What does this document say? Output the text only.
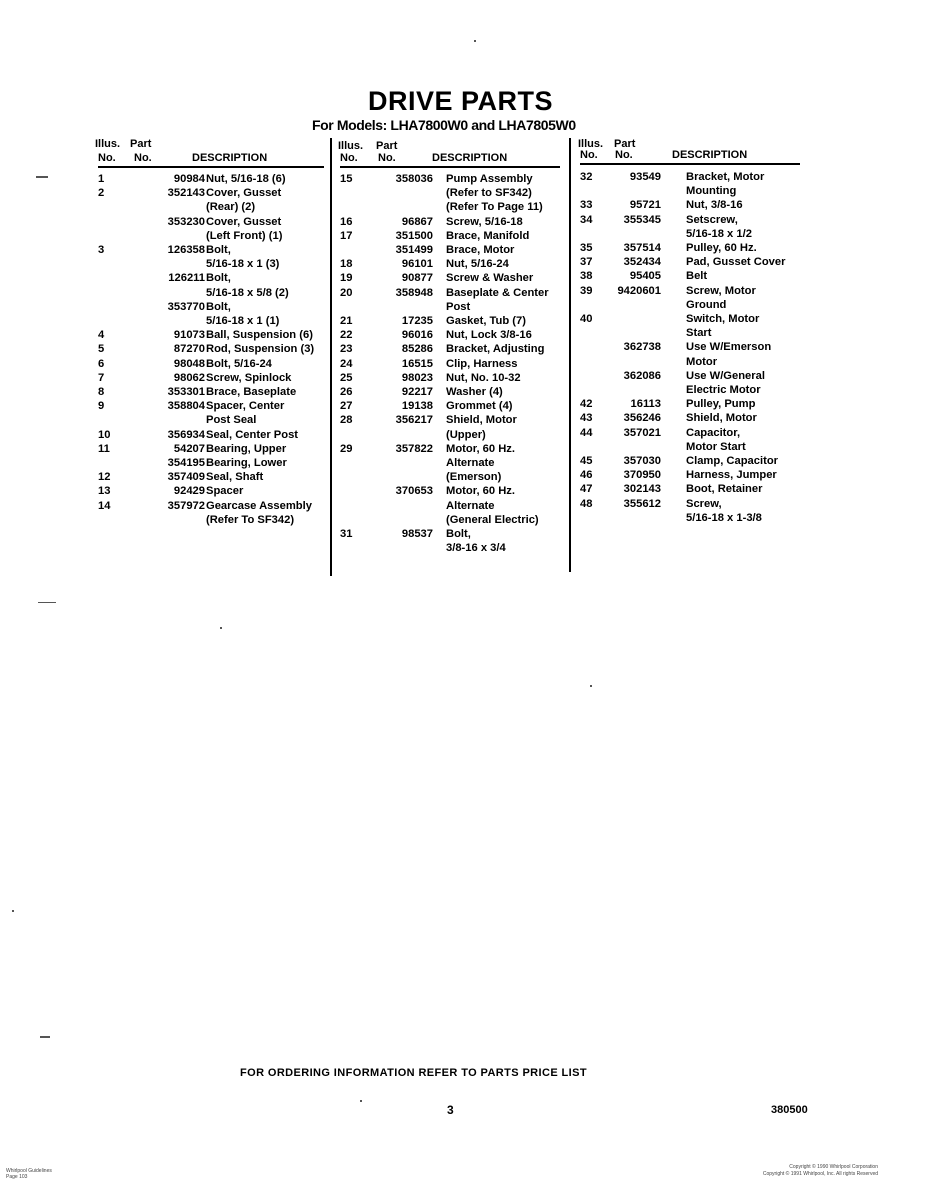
DRIVE PARTS
For Models: LHA7800W0 and LHA7805W0
Illus. Part
No. No.	DESCRIPTION
1	90984 Nut, 5/16-18 (6)
2	352143 Cover, Gusset
(Rear) (2)
353230 Cover, Gusset
(Left Front) (1)
3	126358 Bolt,
5/16-18 x 1 (3)
126211 Bolt,
5/16-18 x 5/8 (2)
353770 Bolt,
5/16-18 x 1 (1)
4	91073 Ball, Suspension (6)
5	87270 Rod, Suspension (3)
6	98048 Bolt, 5/16-24
7	98062 Screw, Spinlock
8	353301 Brace, Baseplate
9	358804 Spacer, Center
Post Seal
10	356934 Seal, Center Post
11	54207 Bearing, Upper
354195 Bearing, Lower
12	357409 Seal, Shaft
13	92429 Spacer
14	357972 Gearcase Assembly
(Refer To SF342)
Illus. Part
No. No.	DESCRIPTION
15	358036 Pump Assembly
(Refer to SF342)
(Refer To Page 11)
16	96867 Screw, 5/16-18
17	351500 Brace, Manifold
351499 Brace, Motor
18	96101 Nut, 5/16-24
19	90877 Screw & Washer
20	358948 Baseplate & Center
Post
21	17235 Gasket, Tub (7)
22	96016 Nut, Lock 3/8-16
23	85286 Bracket, Adjusting
24	16515 Clip, Harness
25	98023 Nut, No. 10-32
26	92217 Washer (4)
27	19138 Grommet (4)
28	356217 Shield, Motor
(Upper)
29	357822 Motor, 60 Hz.
Alternate
(Emerson)
370653 Motor, 60 Hz.
Alternate
(General Electric)
31	98537 Bolt,
3/8-16 x 3/4
Illus. Part
No. No.	DESCRIPTION
32	93549 Bracket, Motor
Mounting
33	95721 Nut, 3/8-16
34	355345 Setscrew,
5/16-18 x 1/2
35	357514 Pulley, 60 Hz.
37	352434 Pad, Gusset Cover
38	95405 Belt
39	9420601 Screw, Motor
Ground
40	Switch, Motor
Start
362738 Use W/Emerson
Motor
362086 Use W/General
Electric Motor
42	16113 Pulley, Pump
43	356246 Shield, Motor
44	357021 Capacitor,
Motor Start
45	357030 Clamp, Capacitor
46	370950 Harness, Jumper
47	302143 Boot, Retainer
48	355612 Screw,
5/16-18 x 1-3/8
FOR ORDERING INFORMATION REFER TO PARTS PRICE LIST
3	380500
Whirlpool Guidelines
Page 103
Copyright © 1990 Whirlpool Corporation
Copyright © 1991 Whirlpool, Inc. All rights Reserved
